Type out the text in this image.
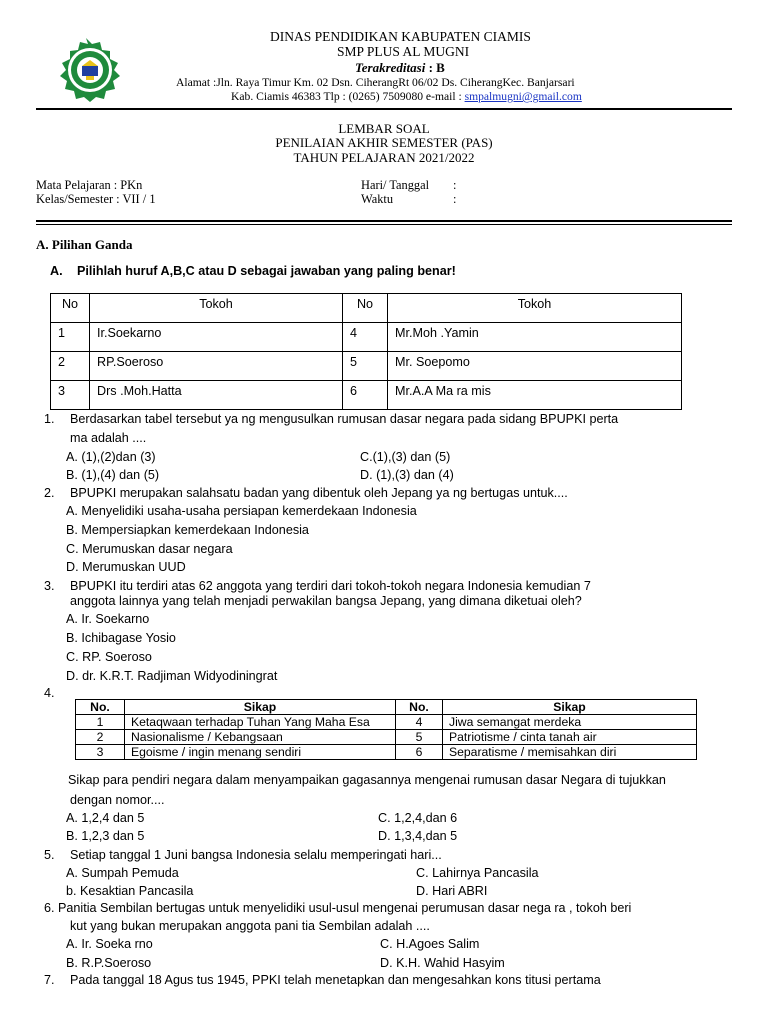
DINAS PENDIDIKAN KABUPATEN CIAMIS
SMP PLUS AL MUGNI
Terakreditasi : B
Alamat :Jln. Raya Timur Km. 02 Dsn. CiherangRt 06/02 Ds. CiherangKec. Banjarsari
Kab. Ciamis 46383 Tlp : (0265) 7509080 e-mail : smpalmugni@gmail.com
LEMBAR SOAL
PENILAIAN AKHIR SEMESTER (PAS)
TAHUN PELAJARAN 2021/2022
Mata Pelajaran : PKn
Kelas/Semester : VII / 1
Hari/ Tanggal :
Waktu	:
A. Pilihan Ganda
A. Pilihlah huruf A,B,C atau D sebagai jawaban yang paling benar!
No	Tokoh	No	Tokoh
1	Ir.Soekarno	4	Mr.Moh .Yamin
2	RP.Soeroso	5	Mr. Soepomo
3	Drs .Moh.Hatta	6	Mr.A.A Ma ra mis
1. Berdasarkan tabel tersebut ya ng mengusulkan rumusan dasar negara pada sidang BPUPKI perta
ma adalah ....
A. (1),(2)dan (3)	C.(1),(3) dan (5)
B. (1),(4) dan (5)	D. (1),(3) dan (4)
2. BPUPKI merupakan salahsatu badan yang dibentuk oleh Jepang ya ng bertugas untuk....
A. Menyelidiki usaha-usaha persiapan kemerdekaan Indonesia
B. Mempersiapkan kemerdekaan Indonesia
C. Merumuskan dasar negara
D. Merumuskan UUD
3. BPUPKI itu terdiri atas 62 anggota yang terdiri dari tokoh-tokoh negara Indonesia kemudian 7
anggota lainnya yang telah menjadi perwakilan bangsa Jepang, yang dimana diketuai oleh?
A. Ir. Soekarno
B. Ichibagase Yosio
C. RP. Soeroso
D. dr. K.R.T. Radjiman Widyodiningrat
4.
No.	Sikap	No.	Sikap
1	Ketaqwaan terhadap Tuhan Yang Maha Esa	4	Jiwa semangat merdeka
2	Nasionalisme / Kebangsaan	5	Patriotisme / cinta tanah air
3	Egoisme / ingin menang sendiri	6	Separatisme / memisahkan diri
Sikap para pendiri negara dalam menyampaikan gagasannya mengenai rumusan dasar Negara di tujukkan
dengan nomor....
A. 1,2,4 dan 5	C. 1,2,4,dan 6
B. 1,2,3 dan 5	D. 1,3,4,dan 5
5. Setiap tanggal 1 Juni bangsa Indonesia selalu memperingati hari...
A. Sumpah Pemuda	C. Lahirnya Pancasila
b. Kesaktian Pancasila	D. Hari ABRI
6. Panitia Sembilan bertugas untuk menyelidiki usul-usul mengenai perumusan dasar nega ra , tokoh beri
kut yang bukan merupakan anggota pani tia Sembilan adalah ....
A. Ir. Soeka rno	C. H.Agoes Salim
B. R.P.Soeroso	D. K.H. Wahid Hasyim
7. Pada tanggal 18 Agus tus 1945, PPKI telah menetapkan dan mengesahkan kons titusi pertama
